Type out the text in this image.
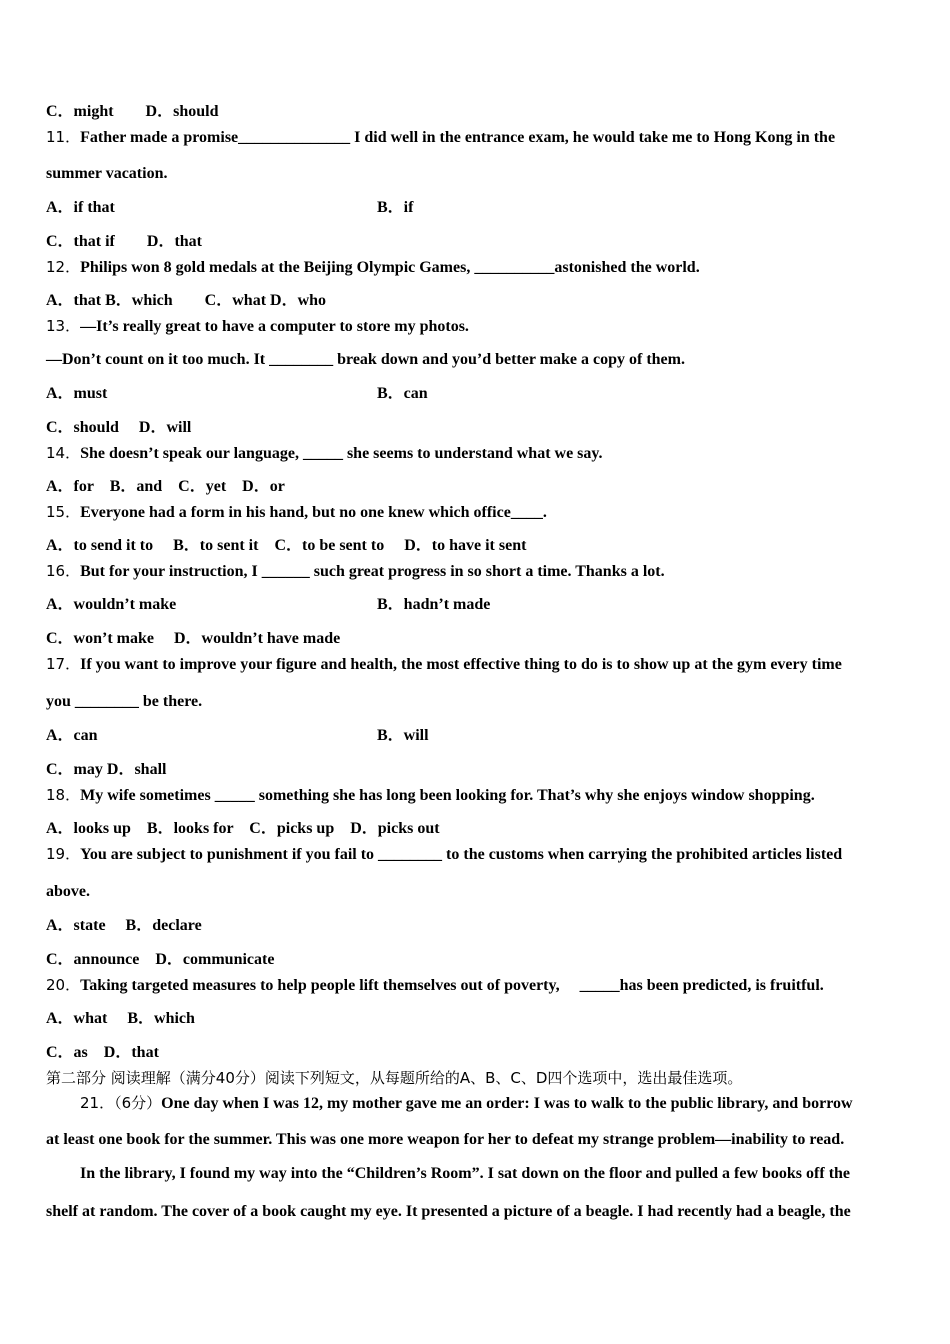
C．might　　D．should
11．Father made a promise______________ I did well in the entrance exam, he would take me to Hong Kong in the
summer vacation.
A．if that	B．if
C．that if　　D．that
12．Philips won 8 gold medals at the Beijing Olympic Games, __________astonished the world.
A．that B．which　　C．what D．who
13．—It’s really great to have a computer to store my photos.
—Don’t count on it too much. It ________ break down and you’d better make a copy of them.
A．must	B．can
C．should　 D．will
14．She doesn’t speak our language, _____ she seems to understand what we say.
A．for　B．and　C．yet　D．or
15．Everyone had a form in his hand, but no one knew which office____.
A．to send it to　 B．to sent it　C．to be sent to　 D．to have it sent
16．But for your instruction, I ______ such great progress in so short a time. Thanks a lot.
A．wouldn’t make	B．hadn’t made
C．won’t make　 D．wouldn’t have made
17．If you want to improve your figure and health, the most effective thing to do is to show up at the gym every time
you ________ be there.
A．can	B．will
C．may D．shall
18．My wife sometimes _____ something she has long been looking for. That’s why she enjoys window shopping.
A．looks up　B．looks for　C．picks up　D．picks out
19．You are subject to punishment if you fail to ________ to the customs when carrying the prohibited articles listed
above.
A．state　 B．declare
C．announce　D．communicate
20．Taking targeted measures to help people lift themselves out of poverty,　 _____has been predicted, is fruitful.
A．what　 B．which
C．as　D．that
第二部分 阅读理解（满分40分）阅读下列短文，从每题所给的A、B、C、D四个选项中，选出最佳选项。
21．（6分）One day when I was 12, my mother gave me an order: I was to walk to the public library, and borrow
at least one book for the summer. This was one more weapon for her to defeat my strange problem—inability to read.
In the library, I found my way into the “Children’s Room”. I sat down on the floor and pulled a few books off the
shelf at random. The cover of a book caught my eye. It presented a picture of a beagle. I had recently had a beagle, the
